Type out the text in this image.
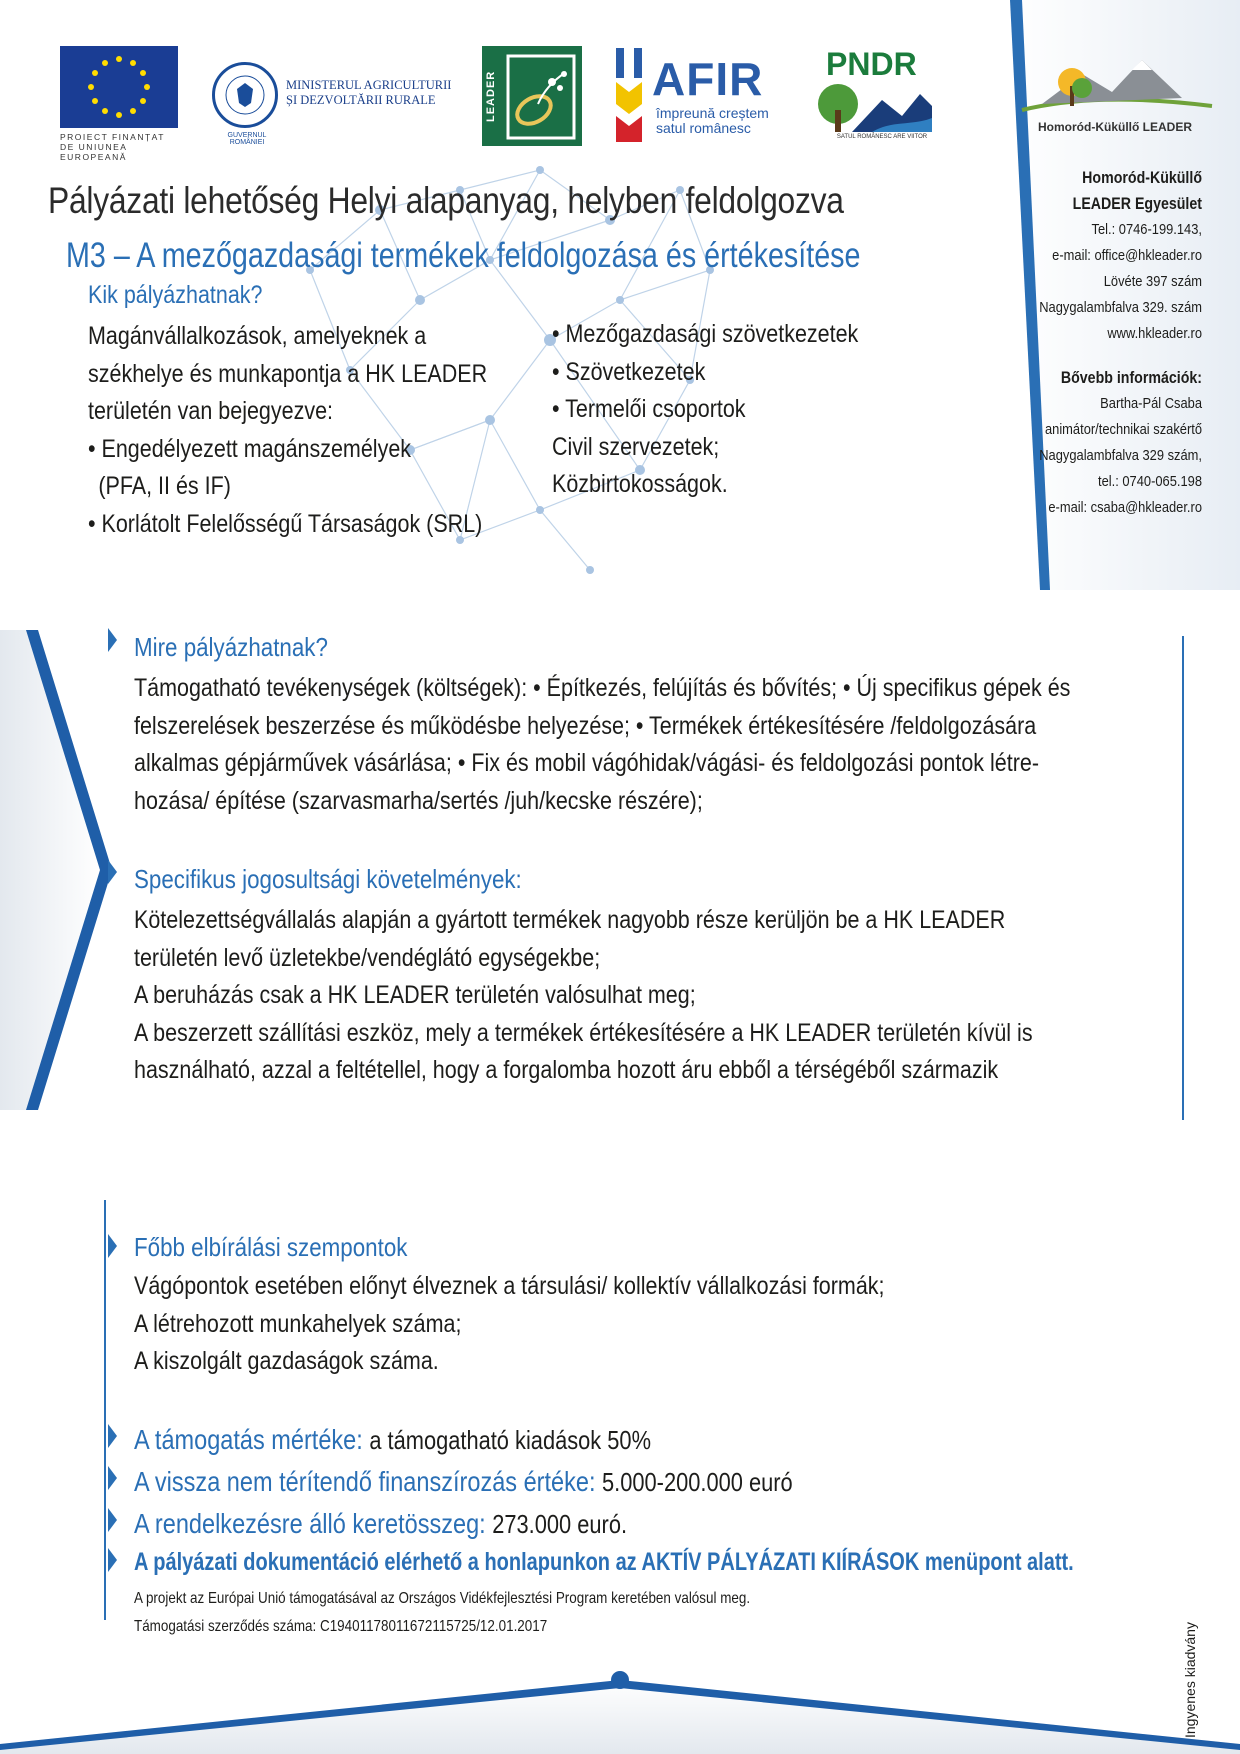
PROIECT FINANȚAT DE UNIUNEA EUROPEANĂ
MINISTERUL AGRICULTURII
ȘI DEZVOLTĂRII RURALE
GUVERNUL ROMÂNIEI
LEADER	AFIR
împreună creștem
satul românesc
PNDR
SATUL ROMÂNESC ARE VIITOR
Homoród-Küküllő LEADER
Homoród-Küküllő
LEADER Egyesület
Tel.: 0746-199.143,
e-mail: office@hkleader.ro
Lövéte 397 szám
Nagygalambfalva 329. szám
www.hkleader.ro
Bővebb információk:
Bartha-Pál Csaba
animátor/technikai szakértő
Nagygalambfalva 329 szám,
tel.: 0740-065.198
e-mail: csaba@hkleader.ro
Pályázati lehetőség Helyi alapanyag, helyben feldolgozva
M3 – A mezőgazdasági termékek feldolgozása és értékesítése
Kik pályázhatnak?
Magánvállalkozások, amelyeknek a
székhelye és munkapontja a HK LEADER
területén van bejegyezve:
• Engedélyezett magánszemélyek
(PFA, II és IF)
• Korlátolt Felelősségű Társaságok (SRL)
• Mezőgazdasági szövetkezetek
• Szövetkezetek
• Termelői csoportok
Civil szervezetek;
Közbirtokosságok.
Mire pályázhatnak?
Támogatható tevékenységek (költségek): • Építkezés, felújítás és bővítés; • Új specifikus gépek és
felszerelések beszerzése és működésbe helyezése; • Termékek értékesítésére /feldolgozására
alkalmas gépjárművek vásárlása; • Fix és mobil vágóhidak/vágási- és feldolgozási pontok létre-
hozása/ építése (szarvasmarha/sertés /juh/kecske részére);
Specifikus jogosultsági követelmények:
Kötelezettségvállalás alapján a gyártott termékek nagyobb része kerüljön be a HK LEADER
területén levő üzletekbe/vendéglátó egységekbe;
A beruházás csak a HK LEADER területén valósulhat meg;
A beszerzett szállítási eszköz, mely a termékek értékesítésére a HK LEADER területén kívül is
használható, azzal a feltétellel, hogy a forgalomba hozott áru ebből a térségéből származik
Főbb elbírálási szempontok
Vágópontok esetében előnyt élveznek a társulási/ kollektív vállalkozási formák;
A létrehozott munkahelyek száma;
A kiszolgált gazdaságok száma.
A támogatás mértéke: a támogatható kiadások 50%
A vissza nem térítendő finanszírozás értéke: 5.000-200.000 euró
A rendelkezésre álló keretösszeg: 273.000 euró.
A pályázati dokumentáció elérhető a honlapunkon az AKTÍV PÁLYÁZATI KIÍRÁSOK menüpont alatt.
A projekt az Európai Unió támogatásával az Országos Vidékfejlesztési Program keretében valósul meg.
Támogatási szerződés száma: C19401178011672115725/12.01.2017	Ingyenes kiadvány
